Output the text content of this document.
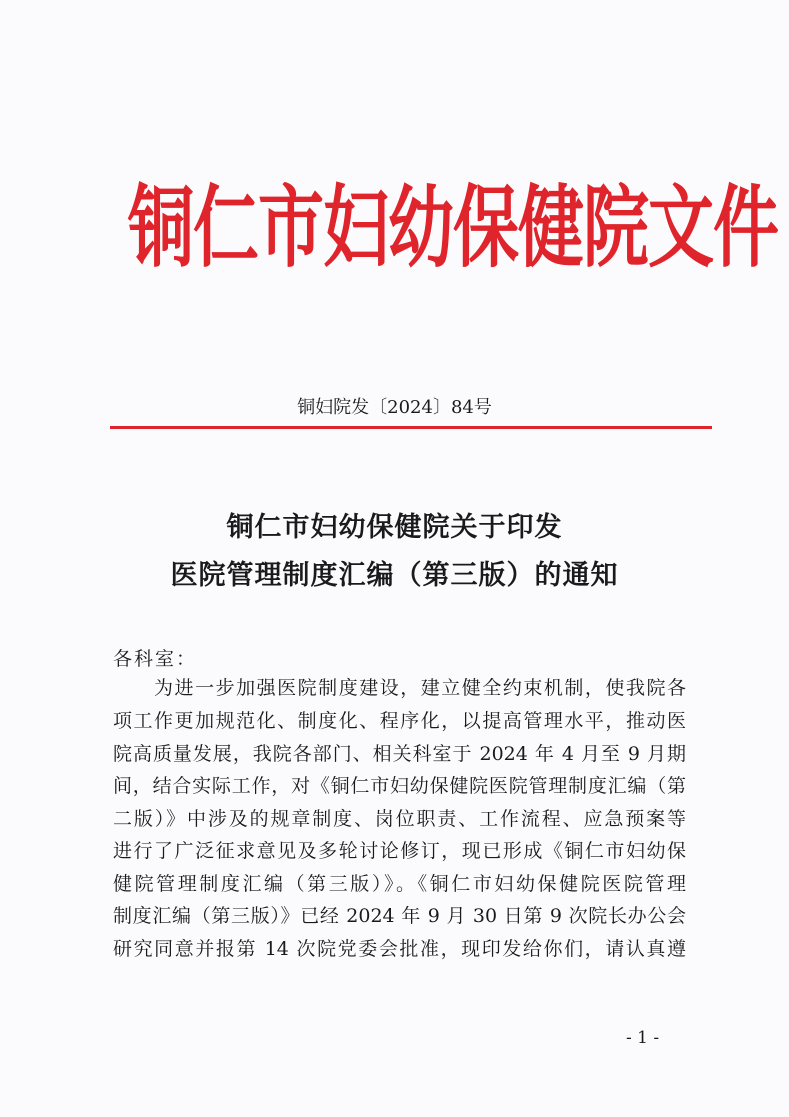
铜仁市妇幼保健院文件
铜妇院发〔2024〕84号
铜仁市妇幼保健院关于印发
医院管理制度汇编（第三版）的通知
各科室：
　　为进一步加强医院制度建设，建立健全约束机制，使我院各
项工作更加规范化、制度化、程序化，以提高管理水平，推动医
院高质量发展，我院各部门、相关科室于 2024 年 4 月至 9 月期
间，结合实际工作，对《铜仁市妇幼保健院医院管理制度汇编（第
二版）》中涉及的规章制度、岗位职责、工作流程、应急预案等
进行了广泛征求意见及多轮讨论修订，现已形成《铜仁市妇幼保
健院管理制度汇编（第三版）》。《铜仁市妇幼保健院医院管理
制度汇编（第三版）》已经 2024 年 9 月 30 日第 9 次院长办公会
研究同意并报第 14 次院党委会批准，现印发给你们，请认真遵
- 1 -
